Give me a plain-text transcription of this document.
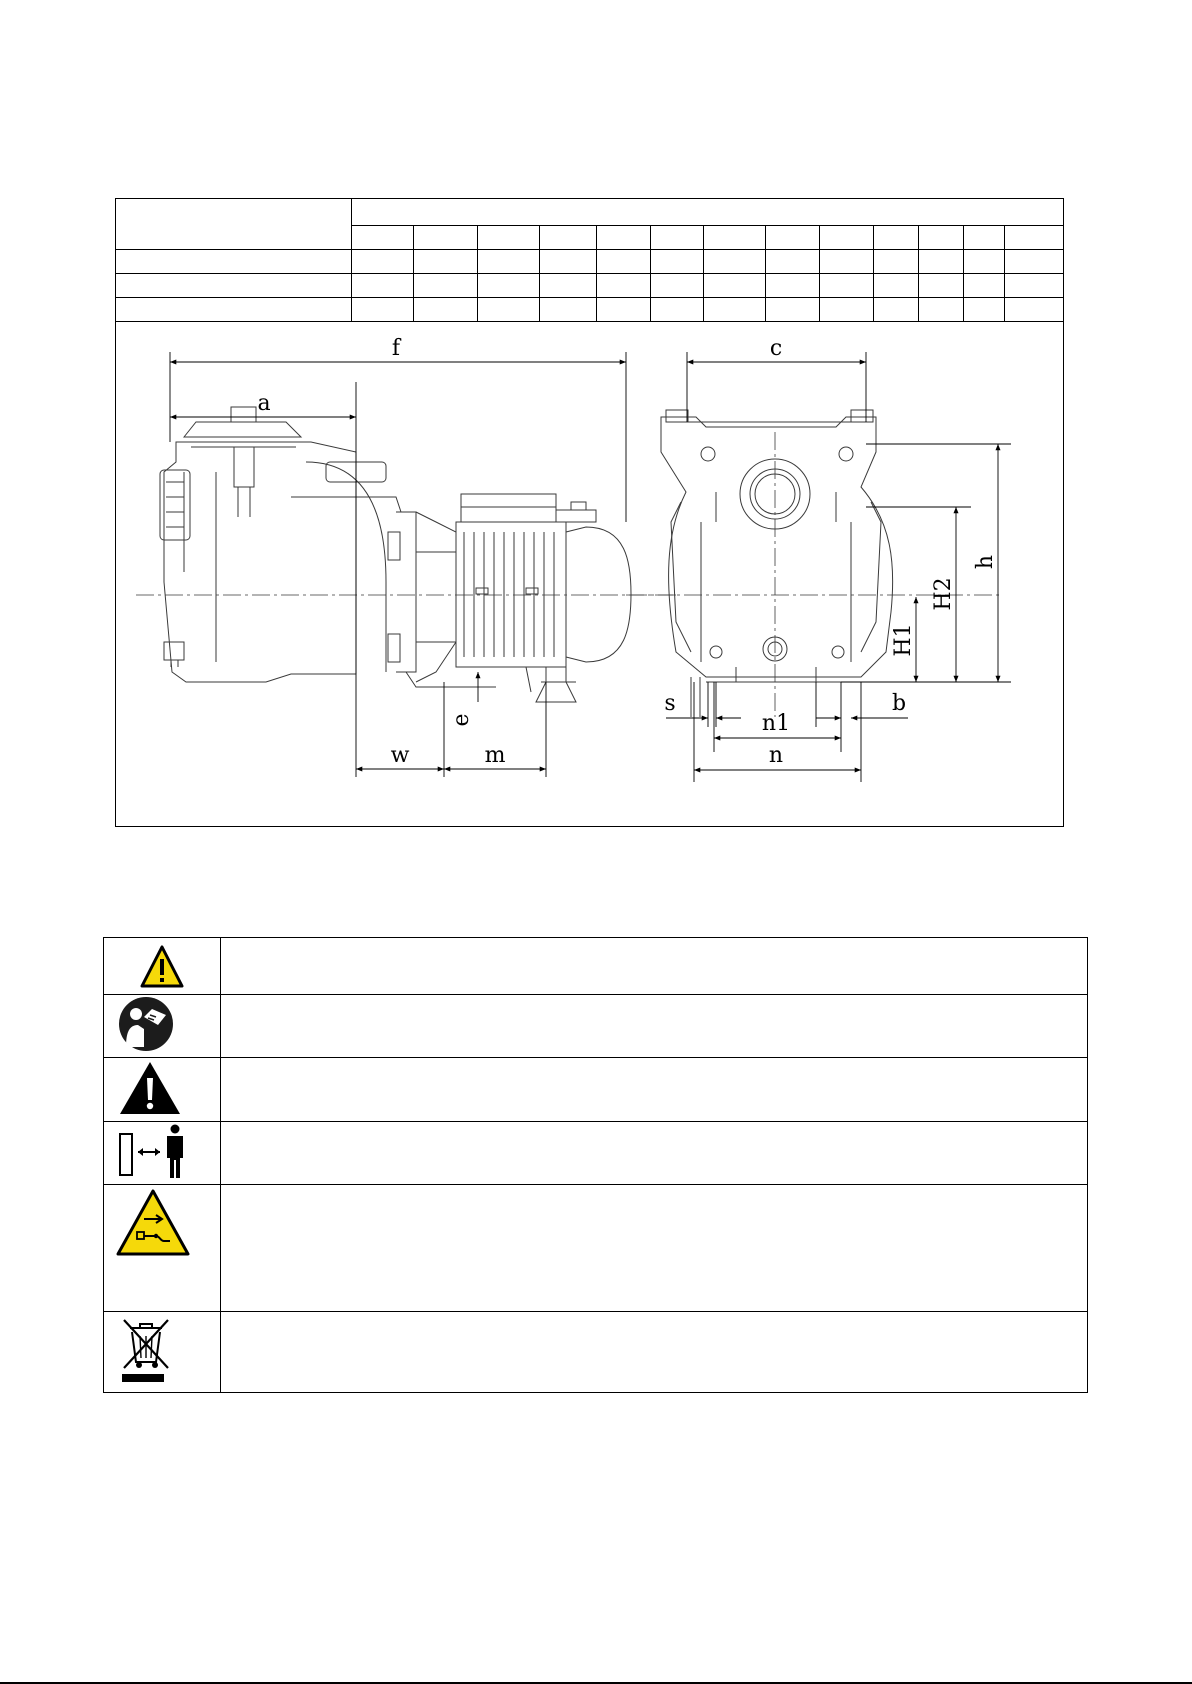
f
a
w	m
e
c
h
H2
H1
s	b
n1
n
